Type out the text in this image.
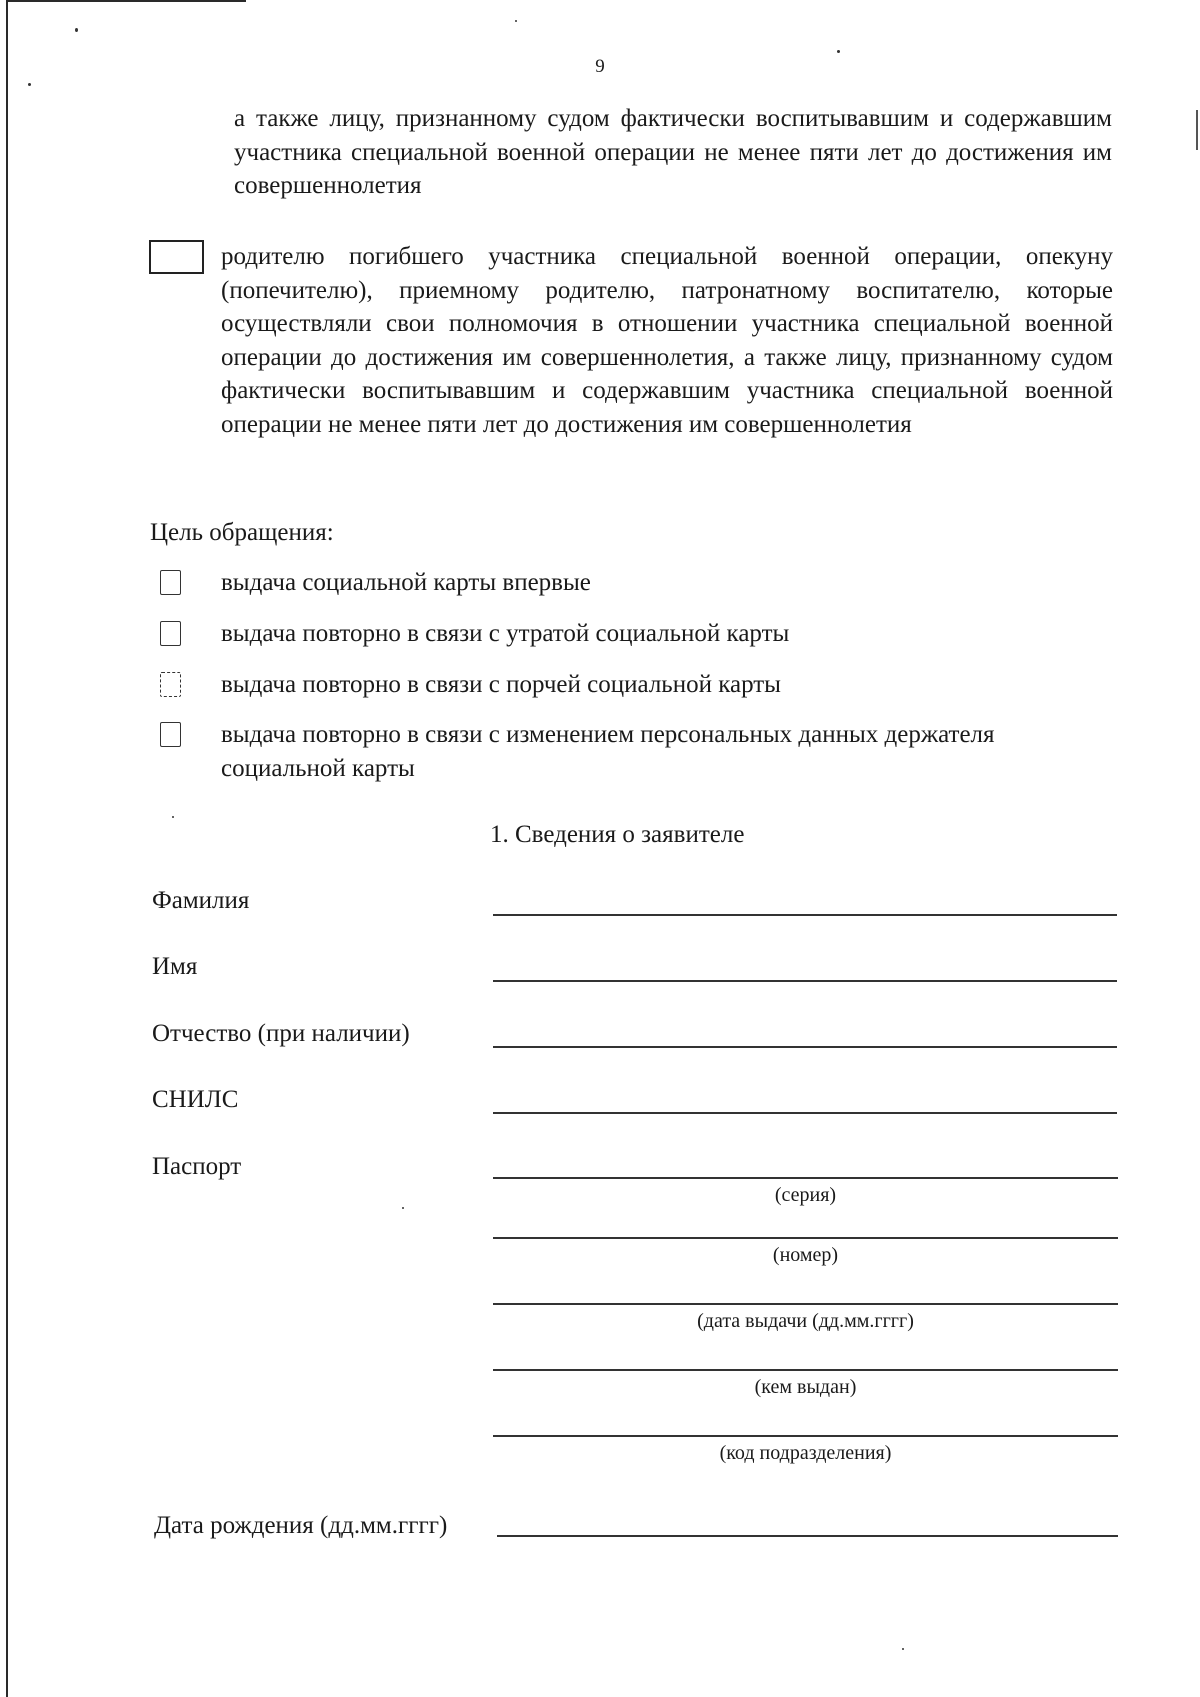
9
а также лицу, признанному судом фактически воспитывавшим и содержавшим участника специальной военной операции не менее пяти лет до достижения им совершеннолетия
родителю погибшего участника специальной военной операции, опекуну (попечителю), приемному родителю, патронатному воспитателю, которые осуществляли свои полномочия в отношении участника специальной военной операции до достижения им совершеннолетия, а также лицу, признанному судом фактически воспитывавшим и содержавшим участника специальной военной операции не менее пяти лет до достижения им совершеннолетия
Цель обращения:
выдача социальной карты впервые
выдача повторно в связи с утратой социальной карты
выдача повторно в связи с порчей социальной карты
выдача повторно в связи с изменением персональных данных держателя социальной карты
1. Сведения о заявителе
Фамилия
Имя
Отчество (при наличии)
СНИЛС
Паспорт
(серия)
(номер)
(дата выдачи (дд.мм.гггг)
(кем выдан)
(код подразделения)
Дата рождения (дд.мм.гггг)
